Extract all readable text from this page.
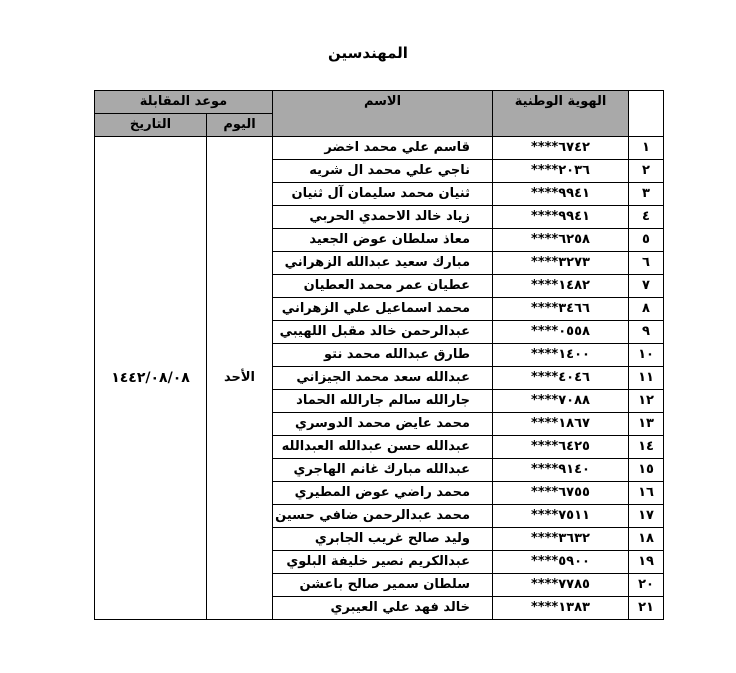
المهندسين
موعد المقابلة		الاسم	الهوية الوطنية	
التاريخ	اليوم			
١٤٤٢/٠٨/٠٨	الأحد	قاسم علي محمد اخضر	****٦٧٤٢	١
		ناجي علي محمد ال شريه	****٢٠٣٦	٢
		ثنيان محمد سليمان آل ثنيان	****٩٩٤١	٣
		زياد خالد الاحمدي الحربي	****٩٩٤١	٤
		معاذ سلطان عوض الجعيد	****٦٢٥٨	٥
		مبارك سعيد عبدالله الزهراني	****٣٢٧٣	٦
		عطيان عمر محمد العطيان	****١٤٨٢	٧
		محمد اسماعيل علي الزهراني	****٣٤٦٦	٨
		عبدالرحمن خالد مقبل اللهيبي	****٠٥٥٨	٩
		طارق عبدالله محمد نتو	****١٤٠٠	١٠
		عبدالله سعد محمد الجيزاني	****٤٠٤٦	١١
		جارالله سالم جارالله الحماد	****٧٠٨٨	١٢
		محمد عايض محمد الدوسري	****١٨٦٧	١٣
		عبدالله حسن عبدالله العبدالله	****٦٤٢٥	١٤
		عبدالله مبارك غانم الهاجري	****٩١٤٠	١٥
		محمد راضي عوض المطيري	****٦٧٥٥	١٦
		محمد عبدالرحمن ضافي حسين	****٧٥١١	١٧
		وليد صالح غريب الجابري	****٣٦٣٢	١٨
		عبدالكريم نصير خليفة البلوي	****٥٩٠٠	١٩
		سلطان سمير صالح باعشن	****٧٧٨٥	٢٠
		خالد فهد علي العيبري	****١٣٨٣	٢١
